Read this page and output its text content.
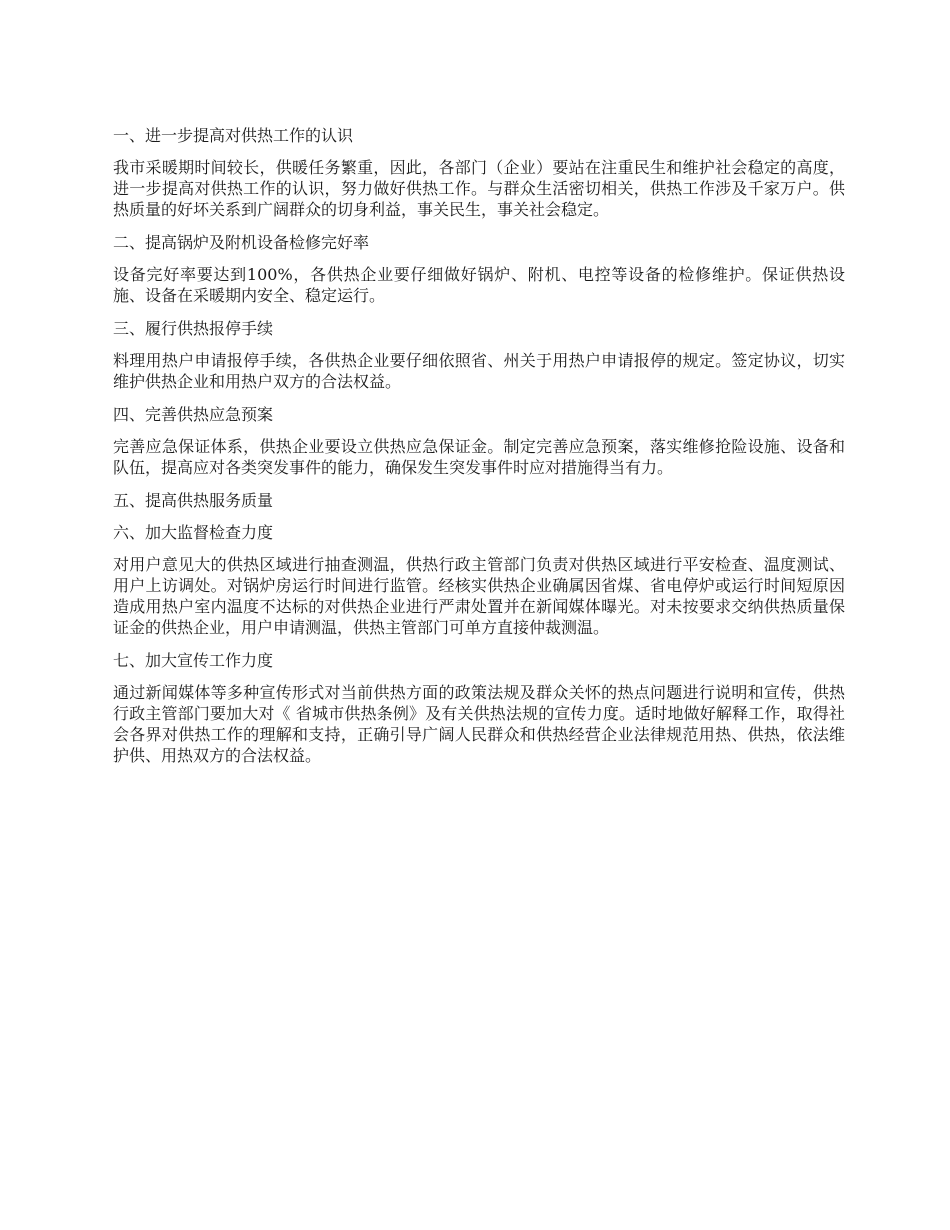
一、进一步提高对供热工作的认识
我市采暖期时间较长，供暖任务繁重，因此，各部门（企业）要站在注重民生和维护社会稳定的高度，进一步提高对供热工作的认识，努力做好供热工作。与群众生活密切相关，供热工作涉及千家万户。供热质量的好坏关系到广阔群众的切身利益，事关民生，事关社会稳定。
二、提高锅炉及附机设备检修完好率
设备完好率要达到100%，各供热企业要仔细做好锅炉、附机、电控等设备的检修维护。保证供热设施、设备在采暖期内安全、稳定运行。
三、履行供热报停手续
料理用热户申请报停手续，各供热企业要仔细依照省、州关于用热户申请报停的规定。签定协议，切实维护供热企业和用热户双方的合法权益。
四、完善供热应急预案
完善应急保证体系，供热企业要设立供热应急保证金。制定完善应急预案，落实维修抢险设施、设备和队伍，提高应对各类突发事件的能力，确保发生突发事件时应对措施得当有力。
五、提高供热服务质量
六、加大监督检查力度
对用户意见大的供热区域进行抽查测温，供热行政主管部门负责对供热区域进行平安检查、温度测试、用户上访调处。对锅炉房运行时间进行监管。经核实供热企业确属因省煤、省电停炉或运行时间短原因造成用热户室内温度不达标的对供热企业进行严肃处置并在新闻媒体曝光。对未按要求交纳供热质量保证金的供热企业，用户申请测温，供热主管部门可单方直接仲裁测温。
七、加大宣传工作力度
通过新闻媒体等多种宣传形式对当前供热方面的政策法规及群众关怀的热点问题进行说明和宣传，供热行政主管部门要加大对《 省城市供热条例》及有关供热法规的宣传力度。适时地做好解释工作，取得社会各界对供热工作的理解和支持，正确引导广阔人民群众和供热经营企业法律规范用热、供热，依法维护供、用热双方的合法权益。
